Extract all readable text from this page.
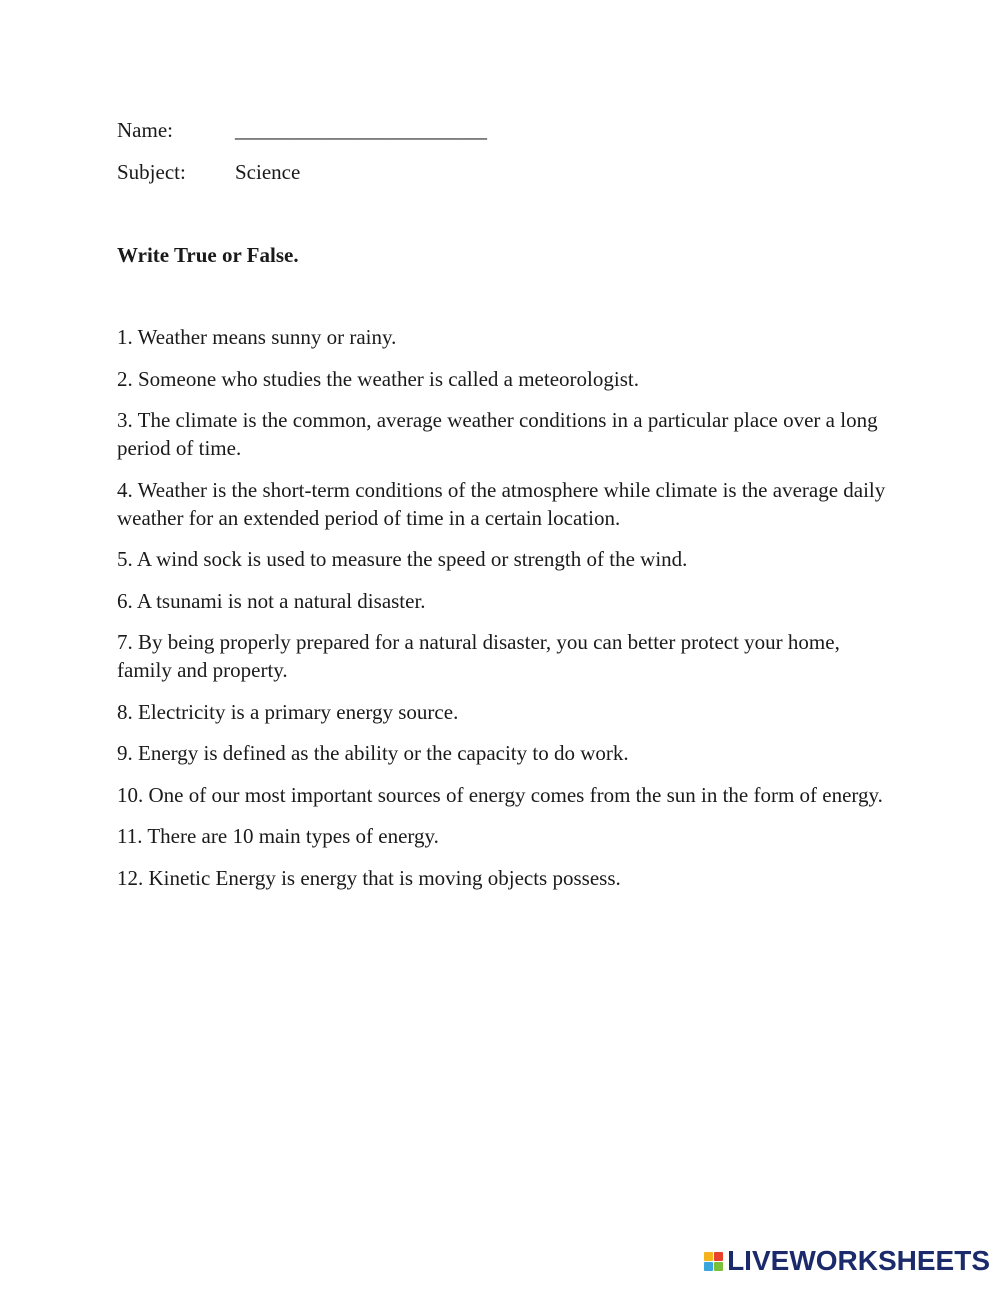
Name:	________________________
Subject: Science
Write True or False.
1. Weather means sunny or rainy.
2. Someone who studies the weather is called a meteorologist.
3. The climate is the common, average weather conditions in a particular place over a long period of time.
4. Weather is the short-term conditions of the atmosphere while climate is the average daily weather for an extended period of time in a certain location.
5. A wind sock is used to measure the speed or strength of the wind.
6. A tsunami is not a natural disaster.
7. By being properly prepared for a natural disaster, you can better protect your home, family and property.
8. Electricity is a primary energy source.
9. Energy is defined as the ability or the capacity to do work.
10. One of our most important sources of energy comes from the sun in the form of energy.
11. There are 10 main types of energy.
12. Kinetic Energy is energy that is moving objects possess.
LIVEWORKSHEETS
